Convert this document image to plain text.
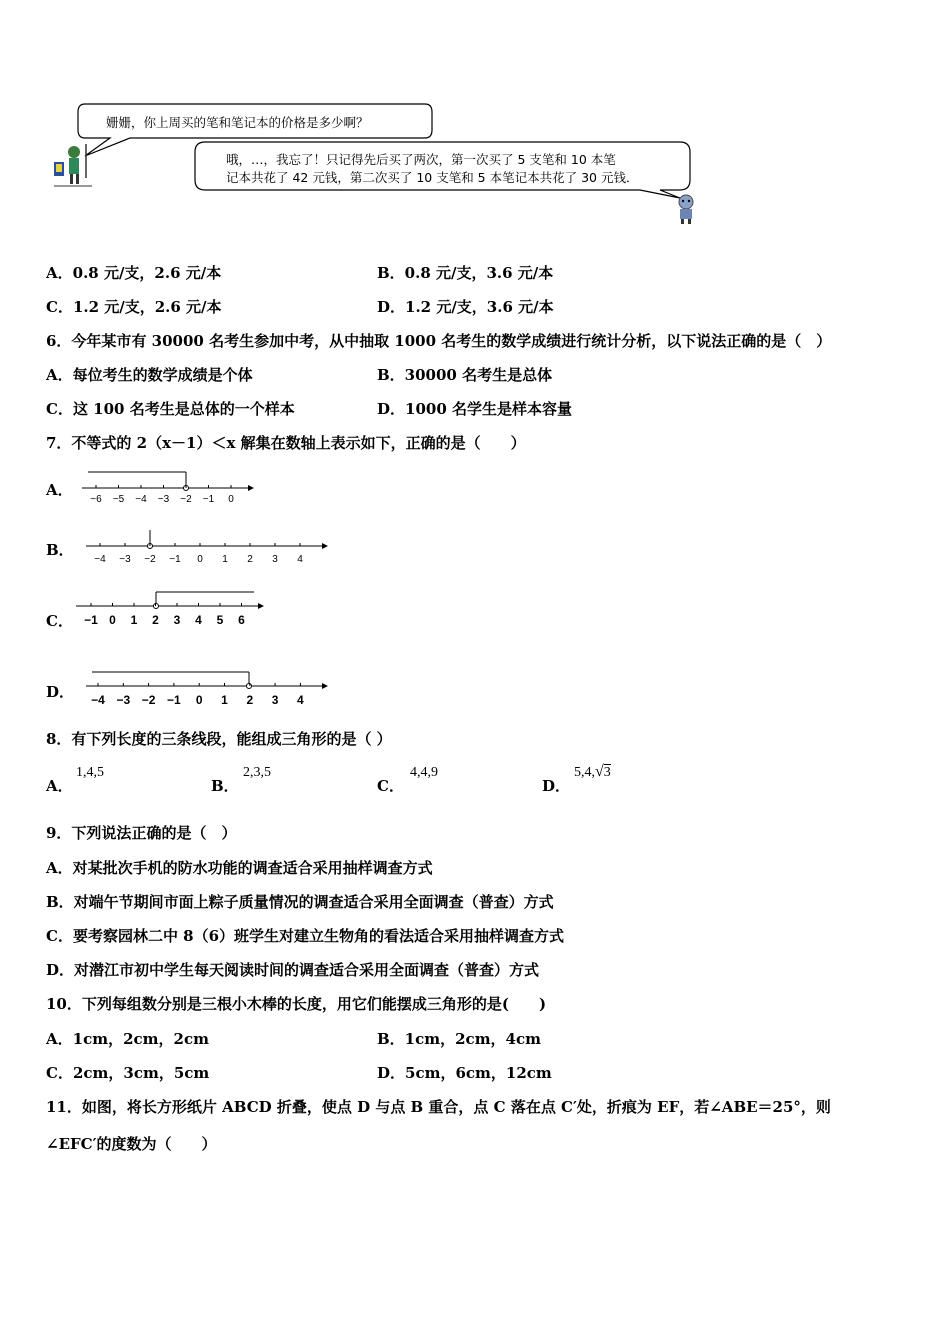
姗姗，你上周买的笔和笔记本的价格是多少啊？
哦，…，我忘了！只记得先后买了两次，第一次买了 5 支笔和 10 本笔
记本共花了 42 元钱，第二次买了 10 支笔和 5 本笔记本共花了 30 元钱．
A．0.8 元/支，2.6 元/本	B．0.8 元/支，3.6 元/本
C．1.2 元/支，2.6 元/本	D．1.2 元/支，3.6 元/本
6．今年某市有 30000 名考生参加中考，从中抽取 1000 名考生的数学成绩进行统计分析，以下说法正确的是（　）
A．每位考生的数学成绩是个体	B．30000 名考生是总体
C．这 100 名考生是总体的一个样本	D．1000 名学生是样本容量
7．不等式的 2（x－1）＜x 解集在数轴上表示如下，正确的是（　　）
A．
−6 −5 −4 −3 −2 −1 0
B．
−4 −3 −2 −1 0 1 2 3 4
C． −1 0 1 2 3 4 5 6
D． −4 −3 −2 −1 0 1 2 3 4
8．有下列长度的三条线段，能组成三角形的是（ ）
A．
1,4,5
B．
2,3,5
C．
4,4,9
D．
5,4,√3
9．下列说法正确的是（　）
A．对某批次手机的防水功能的调查适合采用抽样调查方式
B．对端午节期间市面上粽子质量情况的调查适合采用全面调查（普查）方式
C．要考察园林二中 8（6）班学生对建立生物角的看法适合采用抽样调查方式
D．对潜江市初中学生每天阅读时间的调查适合采用全面调查（普查）方式
10．下列每组数分别是三根小木棒的长度，用它们能摆成三角形的是(　　)
A．1cm，2cm，2cm	B．1cm，2cm，4cm
C．2cm，3cm，5cm	D．5cm，6cm，12cm
11．如图，将长方形纸片 ABCD 折叠，使点 D 与点 B 重合，点 C 落在点 C′处，折痕为 EF，若∠ABE＝25°，则
∠EFC′的度数为（　　）
